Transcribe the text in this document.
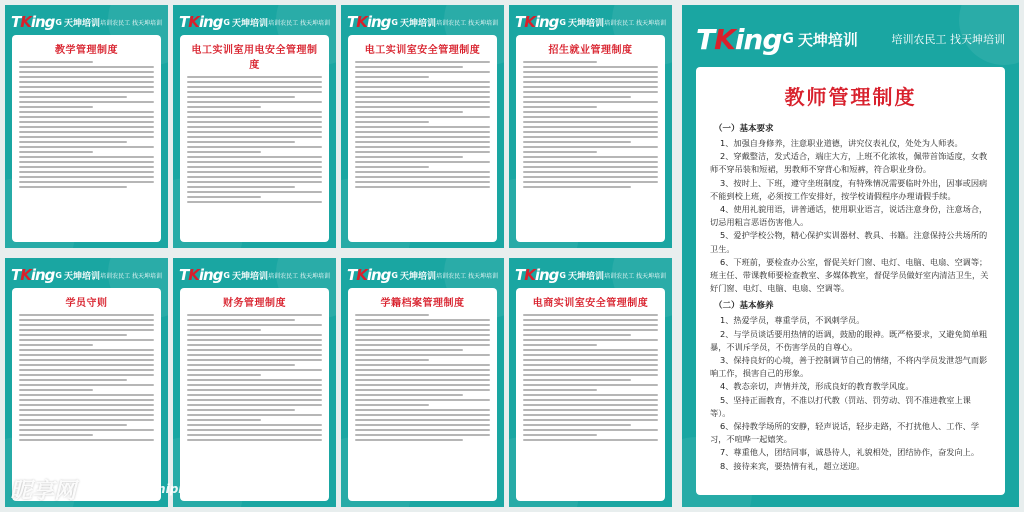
TKing G 天坤培训 培训农民工 找天坤培训
教学管理制度
TKing G 天坤培训 培训农民工 找天坤培训
电工实训室用电安全管理制度
TKing G 天坤培训 培训农民工 找天坤培训
电工实训室安全管理制度
TKing G 天坤培训 培训农民工 找天坤培训
招生就业管理制度
TKing G 天坤培训 培训农民工 找天坤培训
学员守则
TKing G 天坤培训 培训农民工 找天坤培训
财务管理制度
TKing G 天坤培训 培训农民工 找天坤培训
学籍档案管理制度
TKing G 天坤培训 培训农民工 找天坤培训
电商实训室安全管理制度
TKing G 天坤培训	培训农民工 找天坤培训
教师管理制度
（一）基本要求
1、加强自身修养，注意职业道德，讲究仪表礼仪，处处为人师表。
2、穿戴整洁，发式适合，端庄大方，上班不化浓妆，佩带首饰适度，女教师不穿吊装和短裙，男教师不穿背心和短裤，符合职业身份。
3、按时上、下班，遵守坐班制度，有特殊情况需要临时外出，因事或因病不能到校上班，必须按工作安排好，按学校请假程序办理请假手续。
4、使用礼貌用语，讲普通话，使用职业语言，说话注意身份，注意场合，切忌用粗言恶语伤害他人。
5、爱护学校公物，精心保护实训器材、教具、书籍。注意保持公共场所的卫生。
6、下班前，要检查办公室，督促关好门窗、电灯、电脑、电扇、空调等；班主任、带课教师要检查教室、多媒体教室，督促学员做好室内清洁卫生，关好门窗、电灯、电脑、电扇、空调等。
（二）基本修养
1、热爱学员，尊重学员，不讽刺学员。
2、与学员谈话要用热情的语调，鼓励的眼神。既严格要求，又避免简单粗暴，不训斥学员，不伤害学员的自尊心。
3、保持良好的心境，善于控制调节自己的情绪，不将内学员发泄怨气而影响工作，损害自己的形象。
4、教态亲切，声情并茂，形成良好的教育教学风度。
5、坚持正面教育，不准以打代教（罚站、罚劳动、罚不准进教室上课等）。
6、保持教学场所的安静，轻声说话，轻步走路，不打扰他人、工作、学习，不喧哗一起嬉笑。
7、尊重他人，团结同事，诚恳待人，礼貌相处，团结协作，奋发向上。
8、接待来宾，要热情有礼，超立送迎。
昵享网	www.nipic.cn	ID:26570506 NO:20231127102343553124
